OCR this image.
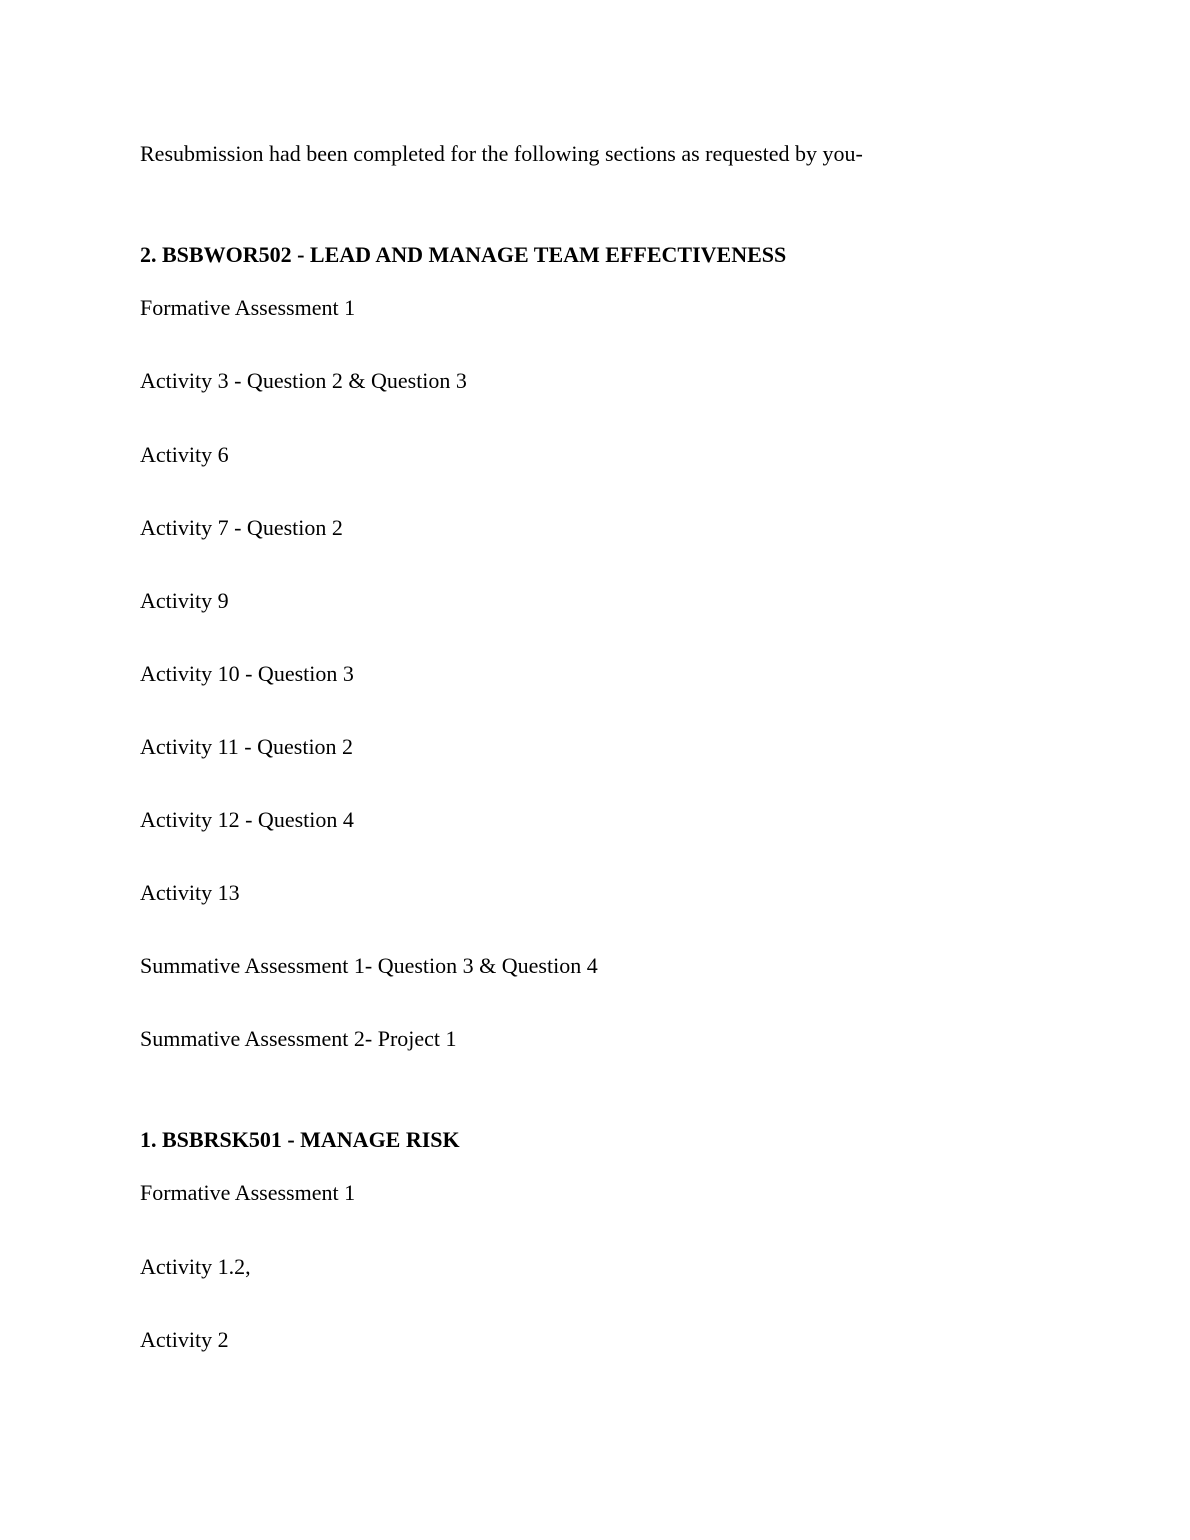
Resubmission had been completed for the following sections as requested by you-
2. BSBWOR502 - LEAD AND MANAGE TEAM EFFECTIVENESS
Formative Assessment 1
Activity 3 - Question 2 & Question 3
Activity 6
Activity 7 - Question 2
Activity 9
Activity 10 - Question 3
Activity 11 - Question 2
Activity 12 - Question 4
Activity 13
Summative Assessment 1- Question 3 & Question 4
Summative Assessment 2- Project 1
1. BSBRSK501 - MANAGE RISK
Formative Assessment 1
Activity 1.2,
Activity 2
